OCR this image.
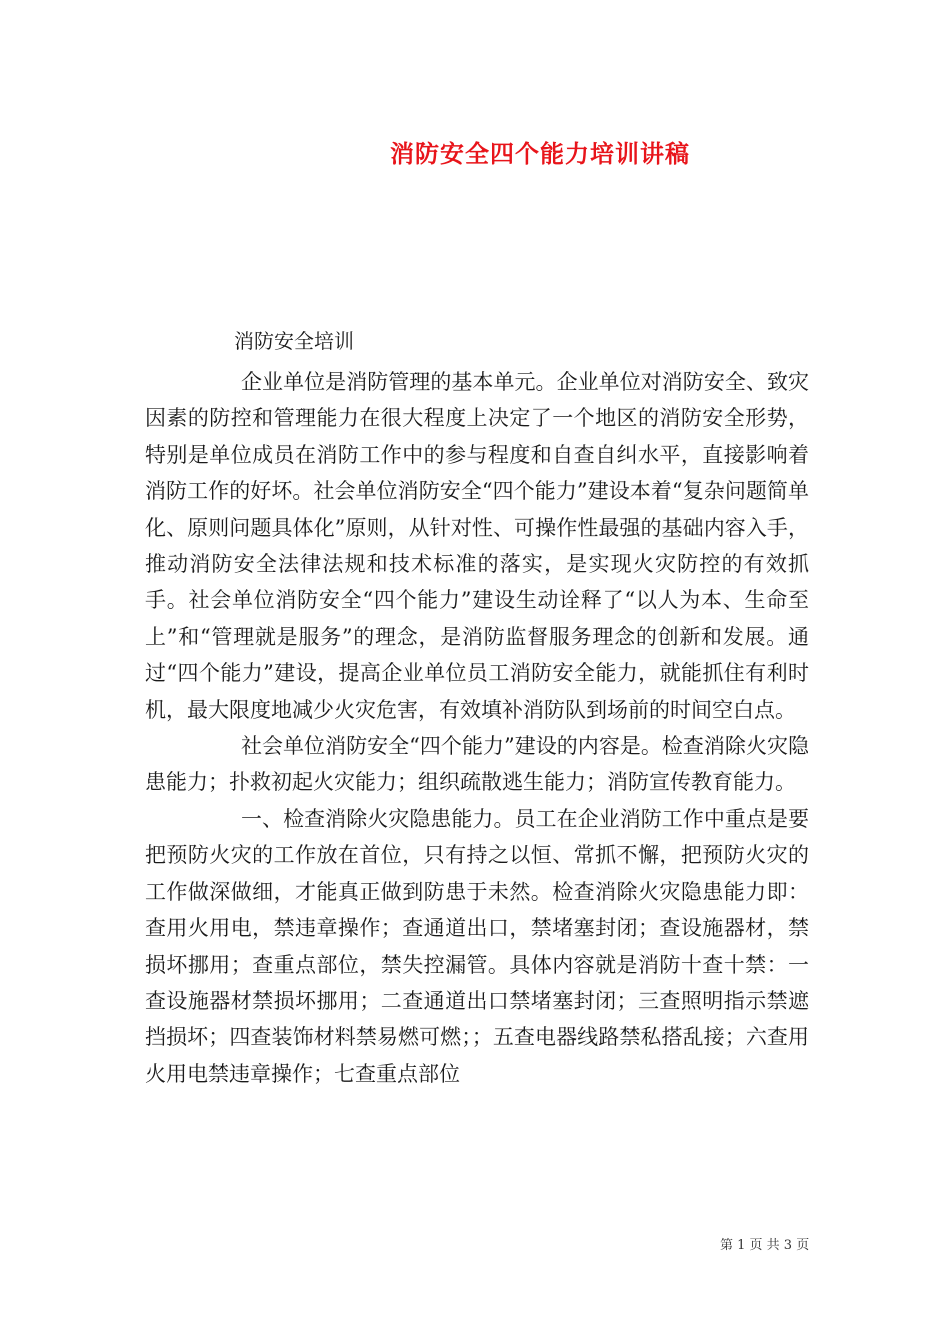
消防安全四个能力培训讲稿

消防安全培训

企业单位是消防管理的基本单元。企业单位对消防安全、致灾因素的防控和管理能力在很大程度上决定了一个地区的消防安全形势，特别是单位成员在消防工作中的参与程度和自查自纠水平，直接影响着消防工作的好坏。社会单位消防安全“四个能力”建设本着“复杂问题简单化、原则问题具体化”原则，从针对性、可操作性最强的基础内容入手，推动消防安全法律法规和技术标准的落实，是实现火灾防控的有效抓手。社会单位消防安全“四个能力”建设生动诠释了“以人为本、生命至上”和“管理就是服务”的理念，是消防监督服务理念的创新和发展。通过“四个能力”建设，提高企业单位员工消防安全能力，就能抓住有利时机，最大限度地减少火灾危害，有效填补消防队到场前的时间空白点。

社会单位消防安全“四个能力”建设的内容是。检查消除火灾隐患能力；扑救初起火灾能力；组织疏散逃生能力；消防宣传教育能力。

一、检查消除火灾隐患能力。员工在企业消防工作中重点是要把预防火灾的工作放在首位，只有持之以恒、常抓不懈，把预防火灾的工作做深做细，才能真正做到防患于未然。检查消除火灾隐患能力即：查用火用电，禁违章操作；查通道出口，禁堵塞封闭；查设施器材，禁损坏挪用；查重点部位，禁失控漏管。具体内容就是消防十查十禁：一查设施器材禁损坏挪用；二查通道出口禁堵塞封闭；三查照明指示禁遮挡损坏；四查装饰材料禁易燃可燃；；五查电器线路禁私搭乱接；六查用火用电禁违章操作；七查重点部位

第 1 页 共 3 页
